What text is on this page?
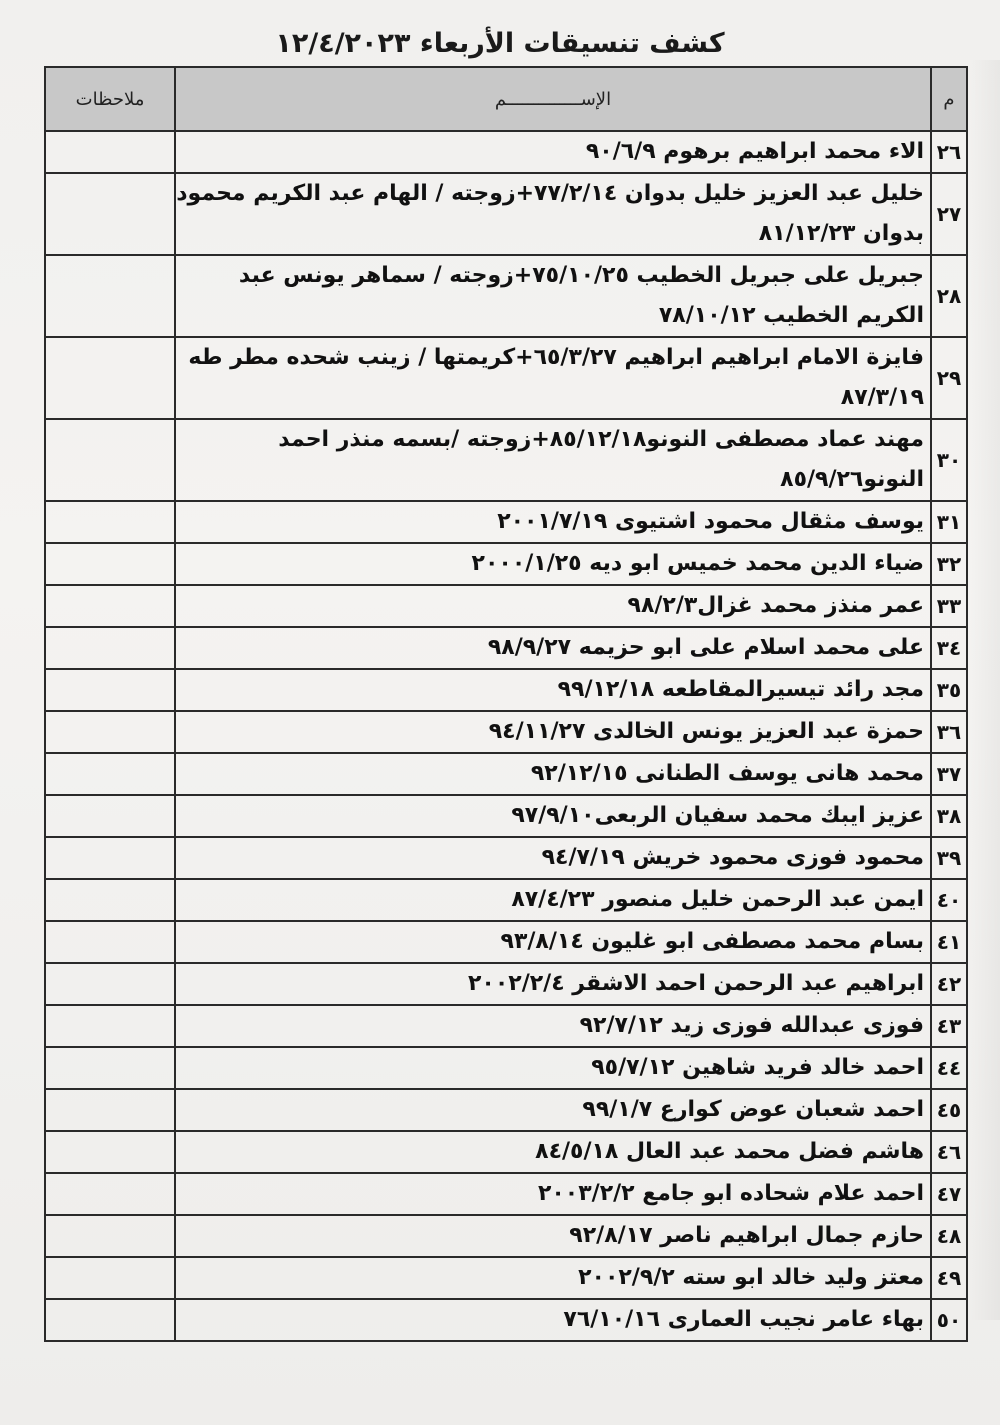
كشف تنسيقات الأربعاء ١٢/٤/٢٠٢٣
م	الإســــــــــــــم	ملاحظات
٢٦	الاء محمد ابراهيم برهوم ٩٠/٦/٩	
٢٧	خليل عبد العزيز خليل بدوان ٧٧/٢/١٤+زوجته / الهام عبد الكريم محمود بدوان ٨١/١٢/٢٣	
٢٨	جبريل على جبريل الخطيب ٧٥/١٠/٢٥+زوجته / سماهر يونس عبد الكريم الخطيب ٧٨/١٠/١٢	
٢٩	فايزة الامام ابراهيم ابراهيم ٦٥/٣/٢٧+كريمتها / زينب شحده مطر طه ٨٧/٣/١٩	
٣٠	مهند عماد مصطفى النونو٨٥/١٢/١٨+زوجته /بسمه منذر احمد النونو٨٥/٩/٢٦	
٣١	يوسف مثقال محمود اشتيوى ٢٠٠١/٧/١٩	
٣٢	ضياء الدين محمد خميس ابو ديه ٢٠٠٠/١/٢٥	
٣٣	عمر منذز محمد غزال٩٨/٢/٣	
٣٤	على محمد اسلام على ابو حزيمه ٩٨/٩/٢٧	
٣٥	مجد رائد تيسيرالمقاطعه ٩٩/١٢/١٨	
٣٦	حمزة عبد العزيز يونس الخالدى ٩٤/١١/٢٧	
٣٧	محمد هانى يوسف الطنانى ٩٢/١٢/١٥	
٣٨	عزيز ايبك محمد سفيان الربعى٩٧/٩/١٠	
٣٩	محمود فوزى محمود خريش ٩٤/٧/١٩	
٤٠	ايمن عبد الرحمن خليل منصور ٨٧/٤/٢٣	
٤١	بسام محمد مصطفى ابو غليون ٩٣/٨/١٤	
٤٢	ابراهيم عبد الرحمن احمد الاشقر ٢٠٠٢/٢/٤	
٤٣	فوزى عبدالله فوزى زيد ٩٢/٧/١٢	
٤٤	احمد خالد فريد شاهين ٩٥/٧/١٢	
٤٥	احمد شعبان عوض كوارع ٩٩/١/٧	
٤٦	هاشم فضل محمد عبد العال ٨٤/٥/١٨	
٤٧	احمد علام شحاده ابو جامع ٢٠٠٣/٢/٢	
٤٨	حازم جمال ابراهيم ناصر ٩٢/٨/١٧	
٤٩	معتز وليد خالد ابو سته ٢٠٠٢/٩/٢	
٥٠	بهاء عامر نجيب العمارى ٧٦/١٠/١٦	
